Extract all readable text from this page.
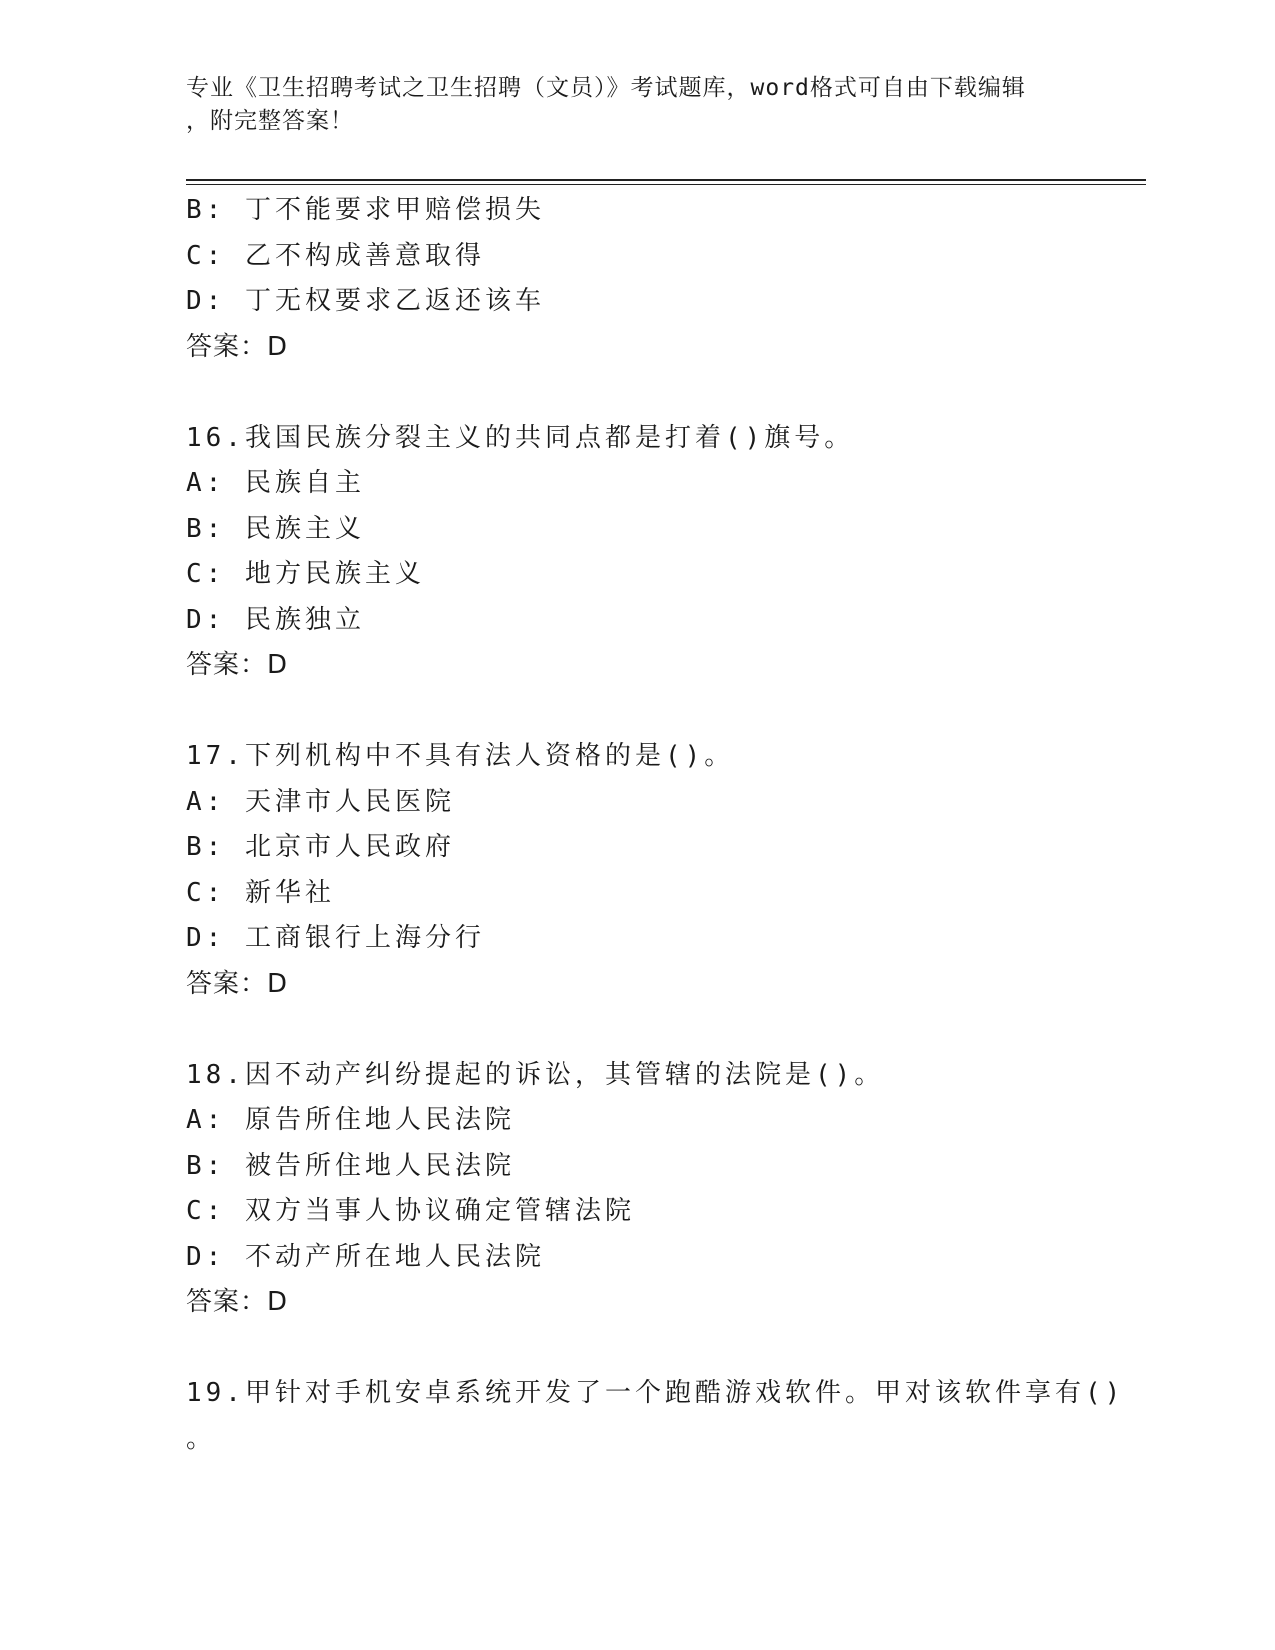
专业《卫生招聘考试之卫生招聘（文员）》考试题库，word格式可自由下载编辑
，附完整答案！
B: 丁不能要求甲赔偿损失
C: 乙不构成善意取得
D: 丁无权要求乙返还该车
答案：D
16.我国民族分裂主义的共同点都是打着()旗号。
A: 民族自主
B: 民族主义
C: 地方民族主义
D: 民族独立
答案：D
17.下列机构中不具有法人资格的是()。
A: 天津市人民医院
B: 北京市人民政府
C: 新华社
D: 工商银行上海分行
答案：D
18.因不动产纠纷提起的诉讼，其管辖的法院是()。
A: 原告所住地人民法院
B: 被告所住地人民法院
C: 双方当事人协议确定管辖法院
D: 不动产所在地人民法院
答案：D
19.甲针对手机安卓系统开发了一个跑酷游戏软件。甲对该软件享有()
。
